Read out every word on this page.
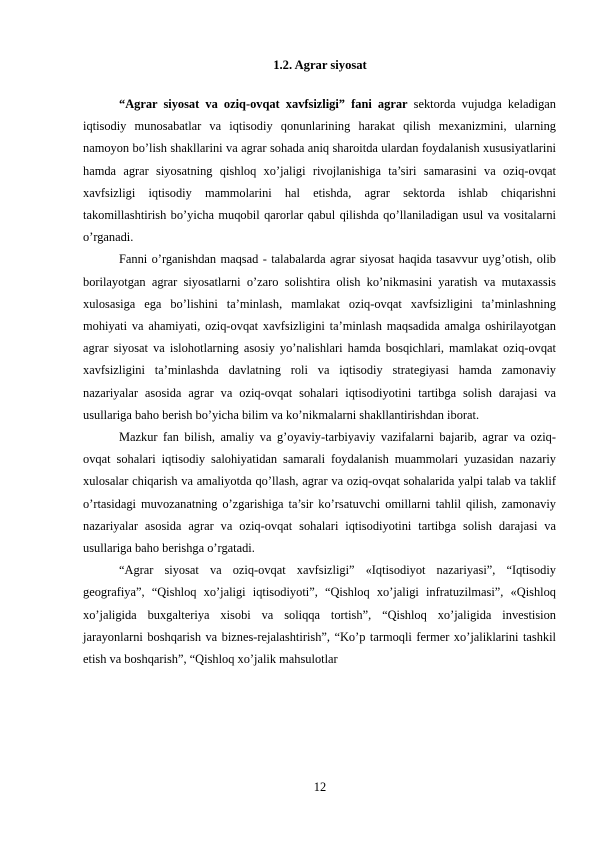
1.2. Agrar siyosat

“Agrar siyosat va oziq-ovqat xavfsizligi” fani agrar sektorda vujudga keladigan iqtisodiy munosabatlar va iqtisodiy qonunlarining harakat qilish mexanizmini, ularning namoyon bo’lish shakllarini va agrar sohada aniq sharoitda ulardan foydalanish xususiyatlarini hamda agrar siyosatning qishloq xo’jaligi rivojlanishiga ta’siri samarasini va oziq-ovqat xavfsizligi iqtisodiy mammolarini hal etishda, agrar sektorda ishlab chiqarishni takomillashtirish bo’yicha muqobil qarorlar qabul qilishda qo’llaniladigan usul va vositalarni o’rganadi.

Fanni o’rganishdan maqsad - talabalarda agrar siyosat haqida tasavvur uyg’otish, olib borilayotgan agrar siyosatlarni o’zaro solishtira olish ko’nikmasini yaratish va mutaxassis xulosasiga ega bo’lishini ta’minlash, mamlakat oziq-ovqat xavfsizligini ta’minlashning mohiyati va ahamiyati, oziq-ovqat xavfsizligini ta’minlash maqsadida amalga oshirilayotgan agrar siyosat va islohotlarning asosiy yo’nalishlari hamda bosqichlari, mamlakat oziq-ovqat xavfsizligini ta’minlashda davlatning roli va iqtisodiy strategiyasi hamda zamonaviy nazariyalar asosida agrar va oziq-ovqat sohalari iqtisodiyotini tartibga solish darajasi va usullariga baho berish bo’yicha bilim va ko’nikmalarni shakllantirishdan iborat.

Mazkur fan bilish, amaliy va g’oyaviy-tarbiyaviy vazifalarni bajarib, agrar va oziq-ovqat sohalari iqtisodiy salohiyatidan samarali foydalanish muammolari yuzasidan nazariy xulosalar chiqarish va amaliyotda qo’llash, agrar va oziq-ovqat sohalarida yalpi talab va taklif o’rtasidagi muvozanatning o’zgarishiga ta’sir ko’rsatuvchi omillarni tahlil qilish, zamonaviy nazariyalar asosida agrar va oziq-ovqat sohalari iqtisodiyotini tartibga solish darajasi va usullariga baho berishga o’rgatadi.

“Agrar siyosat va oziq-ovqat xavfsizligi” «Iqtisodiyot nazariyasi”, “Iqtisodiy geografiya”, “Qishloq xo’jaligi iqtisodiyoti”, “Qishloq xo’jaligi infratuzilmasi”, «Qishloq xo’jaligida buxgalteriya xisobi va soliqqa tortish”, “Qishloq xo’jaligida investision jarayonlarni boshqarish va biznes-rejalashtirish”, “Ko’p tarmoqli fermer xo’jaliklarini tashkil etish va boshqarish”, “Qishloq xo’jalik mahsulotlar

12
